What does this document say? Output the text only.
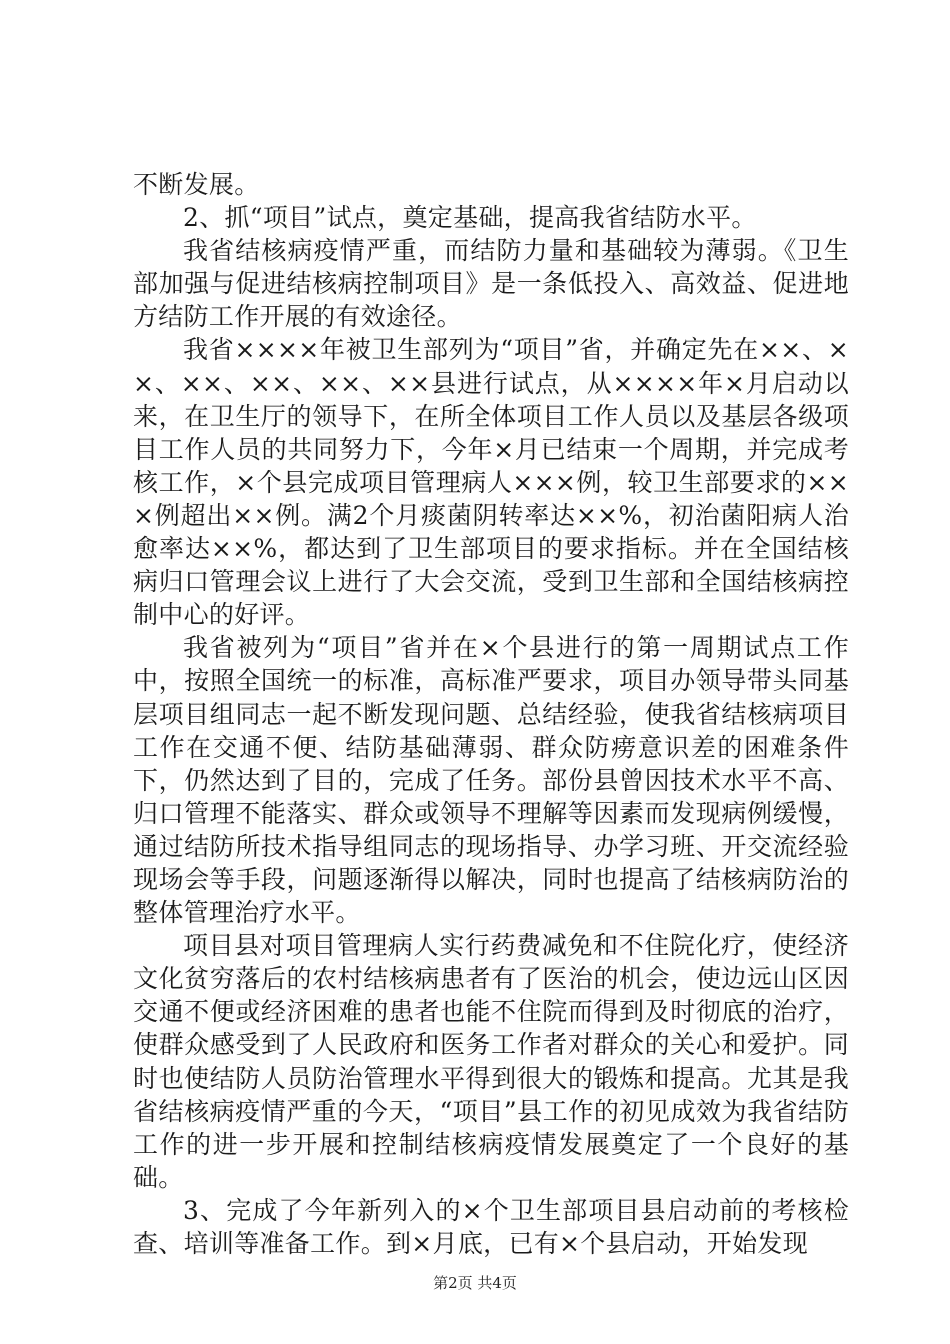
不断发展。

2、抓“项目”试点，奠定基础，提高我省结防水平。

我省结核病疫情严重，而结防力量和基础较为薄弱。《卫生部加强与促进结核病控制项目》是一条低投入、高效益、促进地方结防工作开展的有效途径。

我省××××年被卫生部列为“项目”省，并确定先在××、××、××、××、××、××县进行试点，从××××年×月启动以来，在卫生厅的领导下，在所全体项目工作人员以及基层各级项目工作人员的共同努力下，今年×月已结束一个周期，并完成考核工作，×个县完成项目管理病人×××例，较卫生部要求的×××例超出××例。满2个月痰菌阴转率达××%，初治菌阳病人治愈率达××%，都达到了卫生部项目的要求指标。并在全国结核病归口管理会议上进行了大会交流，受到卫生部和全国结核病控制中心的好评。

我省被列为“项目”省并在×个县进行的第一周期试点工作中，按照全国统一的标准，高标准严要求，项目办领导带头同基层项目组同志一起不断发现问题、总结经验，使我省结核病项目工作在交通不便、结防基础薄弱、群众防痨意识差的困难条件下，仍然达到了目的，完成了任务。部份县曾因技术水平不高、归口管理不能落实、群众或领导不理解等因素而发现病例缓慢，通过结防所技术指导组同志的现场指导、办学习班、开交流经验现场会等手段，问题逐渐得以解决，同时也提高了结核病防治的整体管理治疗水平。

项目县对项目管理病人实行药费减免和不住院化疗，使经济文化贫穷落后的农村结核病患者有了医治的机会，使边远山区因交通不便或经济困难的患者也能不住院而得到及时彻底的治疗，使群众感受到了人民政府和医务工作者对群众的关心和爱护。同时也使结防人员防治管理水平得到很大的锻炼和提高。尤其是我省结核病疫情严重的今天，“项目”县工作的初见成效为我省结防工作的进一步开展和控制结核病疫情发展奠定了一个良好的基础。

3、完成了今年新列入的×个卫生部项目县启动前的考核检查、培训等准备工作。到×月底，已有×个县启动，开始发现

第2页 共4页
